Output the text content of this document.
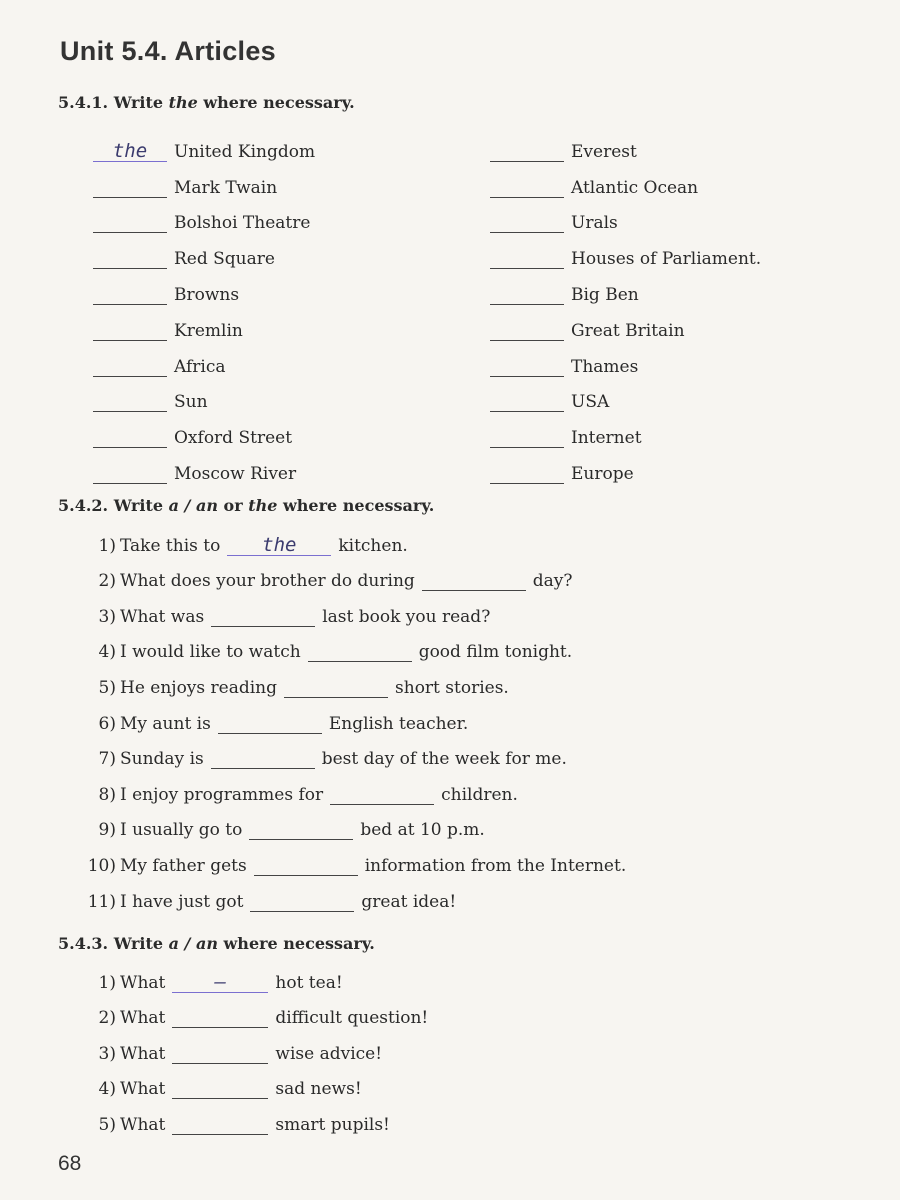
Unit 5.4. Articles
5.4.1. Write the where necessary.
the	United Kingdom	Everest
Mark Twain	Atlantic Ocean
Bolshoi Theatre	Urals
Red Square	Houses of Parliament.
Browns	Big Ben
Kremlin	Great Britain
Africa	Thames
Sun	USA
Oxford Street	Internet
Moscow River	Europe
5.4.2. Write a / an or the where necessary.
1) Take this to	the	kitchen.
2) What does your brother do during	day?
3) What was	last book you read?
4) I would like to watch	good film tonight.
5) He enjoys reading	short stories.
6) My aunt is	English teacher.
7) Sunday is	best day of the week for me.
8) I enjoy programmes for	children.
9) I usually go to	bed at 10 p.m.
10) My father gets	information from the Internet.
11) I have just got	great idea!
5.4.3. Write a / an where necessary.
1) What	–	hot tea!
2) What	difficult question!
3) What	wise advice!
4) What	sad news!
5) What	smart pupils!
68
